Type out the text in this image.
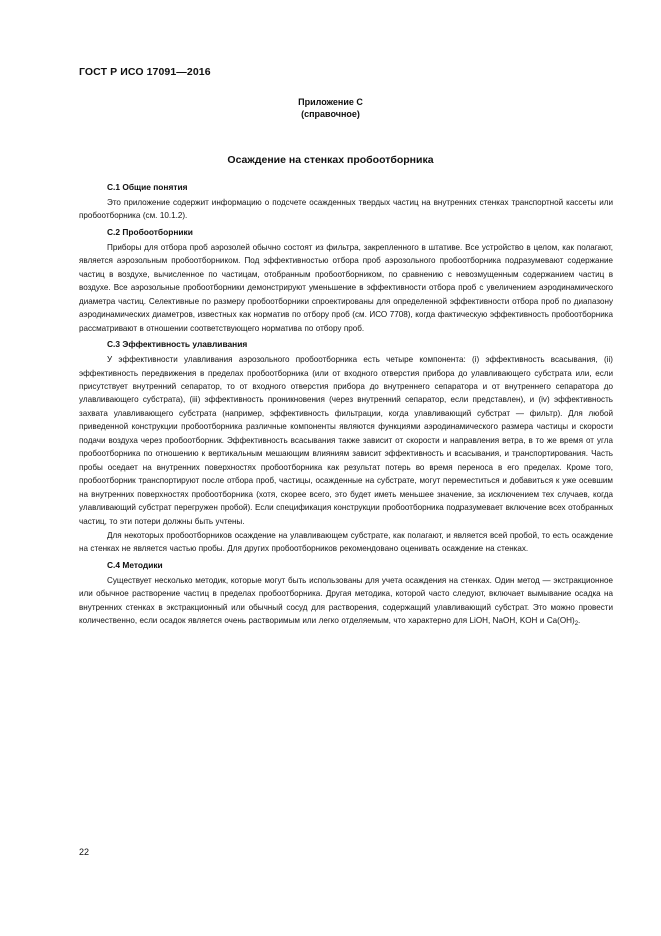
ГОСТ Р ИСО 17091—2016
Приложение С
(справочное)
Осаждение на стенках пробоотборника
С.1 Общие понятия

Это приложение содержит информацию о подсчете осажденных твердых частиц на внутренних стенках транспортной кассеты или пробоотборника (см. 10.1.2).

С.2 Пробоотборники

Приборы для отбора проб аэрозолей обычно состоят из фильтра, закрепленного в штативе. Все устройство в целом, как полагают, является аэрозольным пробоотборником. Под эффективностью отбора проб аэрозольного пробоотборника подразумевают содержание частиц в воздухе, вычисленное по частицам, отобранным пробоотборником, по сравнению с невозмущенным содержанием частиц в воздухе. Все аэрозольные пробоотборники демонстрируют уменьшение в эффективности отбора проб с увеличением аэродинамического диаметра частиц. Селективные по размеру пробоотборники спроектированы для определенной эффективности отбора проб по диапазону аэродинамических диаметров, известных как норматив по отбору проб (см. ИСО 7708), когда фактическую эффективность пробоотборника рассматривают в отношении соответствующего норматива по отбору проб.

С.3 Эффективность улавливания

У эффективности улавливания аэрозольного пробоотборника есть четыре компонента: (i) эффективность всасывания, (ii) эффективность передвижения в пределах пробоотборника (или от входного отверстия прибора до улавливающего субстрата или, если присутствует внутренний сепаратор, то от входного отверстия прибора до внутреннего сепаратора и от внутреннего сепаратора до улавливающего субстрата), (iii) эффективность проникновения (через внутренний сепаратор, если представлен), и (iv) эффективность захвата улавливающего субстрата (например, эффективность фильтрации, когда улавливающий субстрат — фильтр). Для любой приведенной конструкции пробоотборника различные компоненты являются функциями аэродинамического размера частицы и скорости подачи воздуха через пробоотборник. Эффективность всасывания также зависит от скорости и направления ветра, в то же время от угла пробоотборника по отношению к вертикальным мешающим влияниям зависит эффективность и всасывания, и транспортирования. Часть пробы оседает на внутренних поверхностях пробоотборника как результат потерь во время переноса в его пределах. Кроме того, пробоотборник транспортируют после отбора проб, частицы, осажденные на субстрате, могут переместиться и добавиться к уже осевшим на внутренних поверхностях пробоотборника (хотя, скорее всего, это будет иметь меньшее значение, за исключением тех случаев, когда улавливающий субстрат перегружен пробой). Если спецификация конструкции пробоотборника подразумевает включение всех отобранных частиц, то эти потери должны быть учтены.

Для некоторых пробоотборников осаждение на улавливающем субстрате, как полагают, и является всей пробой, то есть осаждение на стенках не является частью пробы. Для других пробоотборников рекомендовано оценивать осаждение на стенках.

С.4 Методики

Существует несколько методик, которые могут быть использованы для учета осаждения на стенках. Один метод — экстракционное или обычное растворение частиц в пределах пробоотборника. Другая методика, которой часто следуют, включает вымывание осадка на внутренних стенках в экстракционный или обычный сосуд для растворения, содержащий улавливающий субстрат. Это можно провести количественно, если осадок является очень растворимым или легко отделяемым, что характерно для LiOH, NaOH, KOH и $Ca(OH)_2$.

22
